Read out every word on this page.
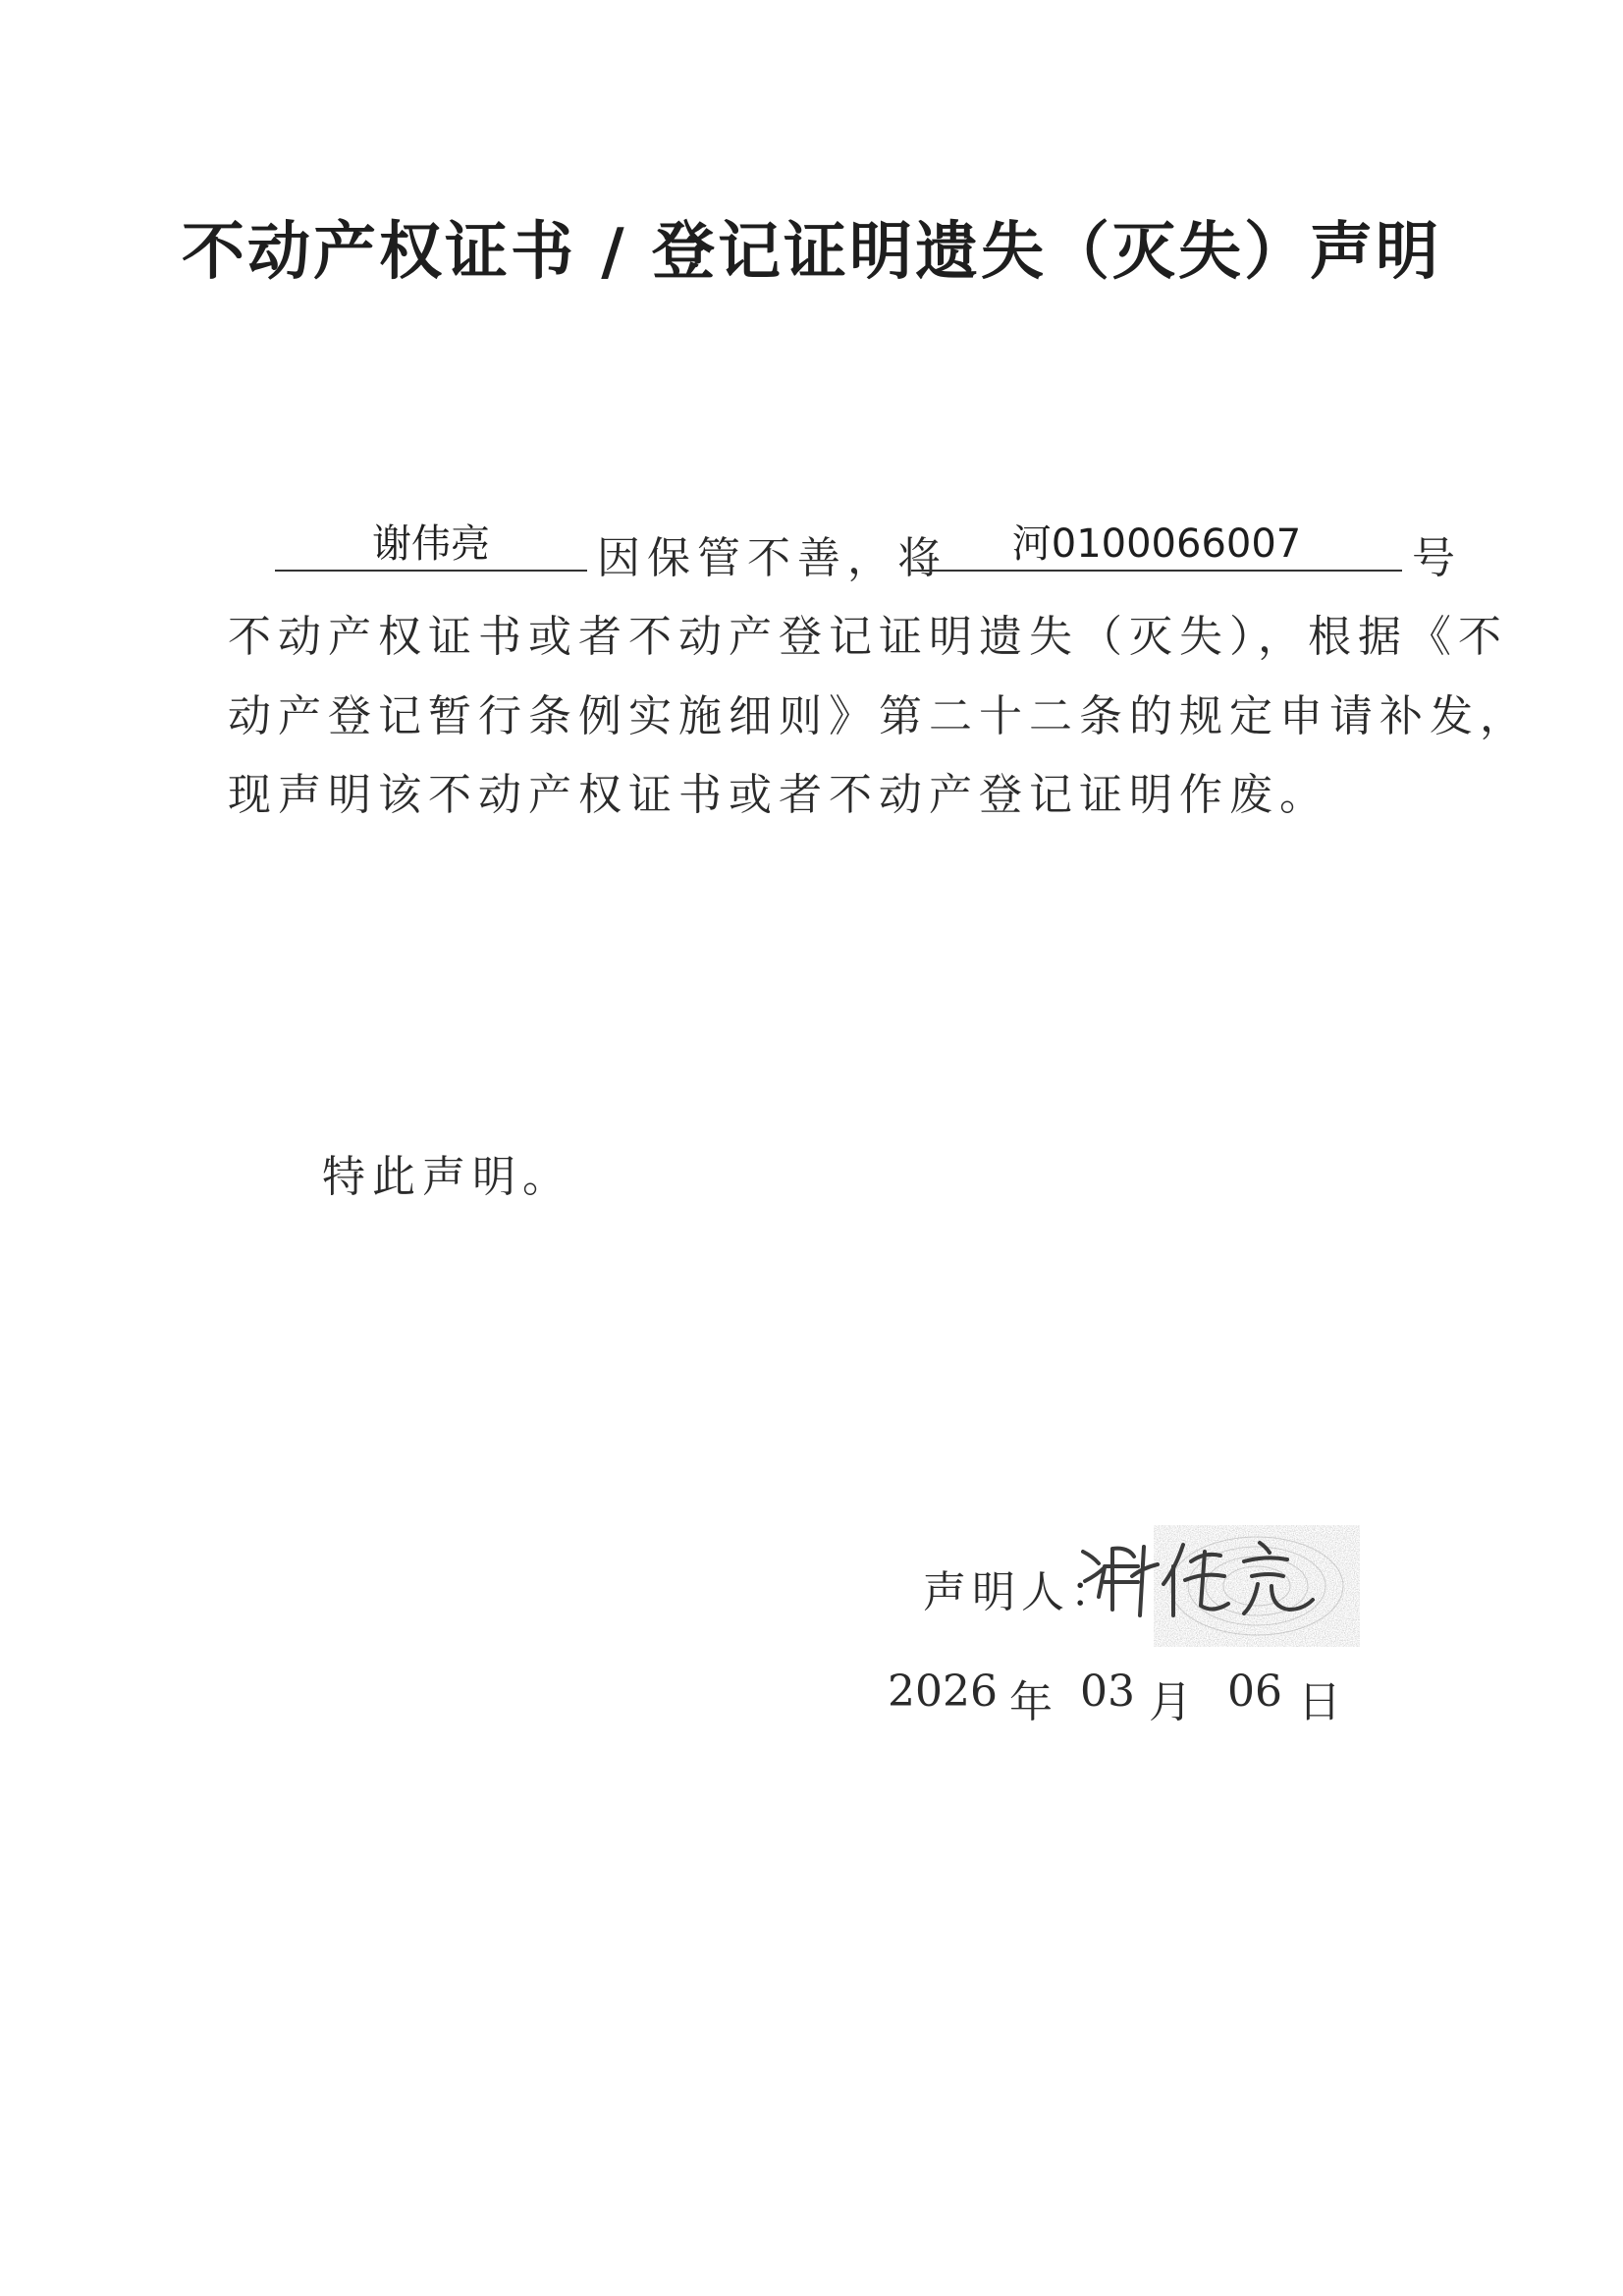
不动产权证书 / 登记证明遗失（灭失）声明
谢伟亮	因保管不善，将	河0100066007	号
不动产权证书或者不动产登记证明遗失（灭失），根据《不
动产登记暂行条例实施细则》第二十二条的规定申请补发，
现声明该不动产权证书或者不动产登记证明作废。
特此声明。
声明人：
2026 年 03 月 06 日
